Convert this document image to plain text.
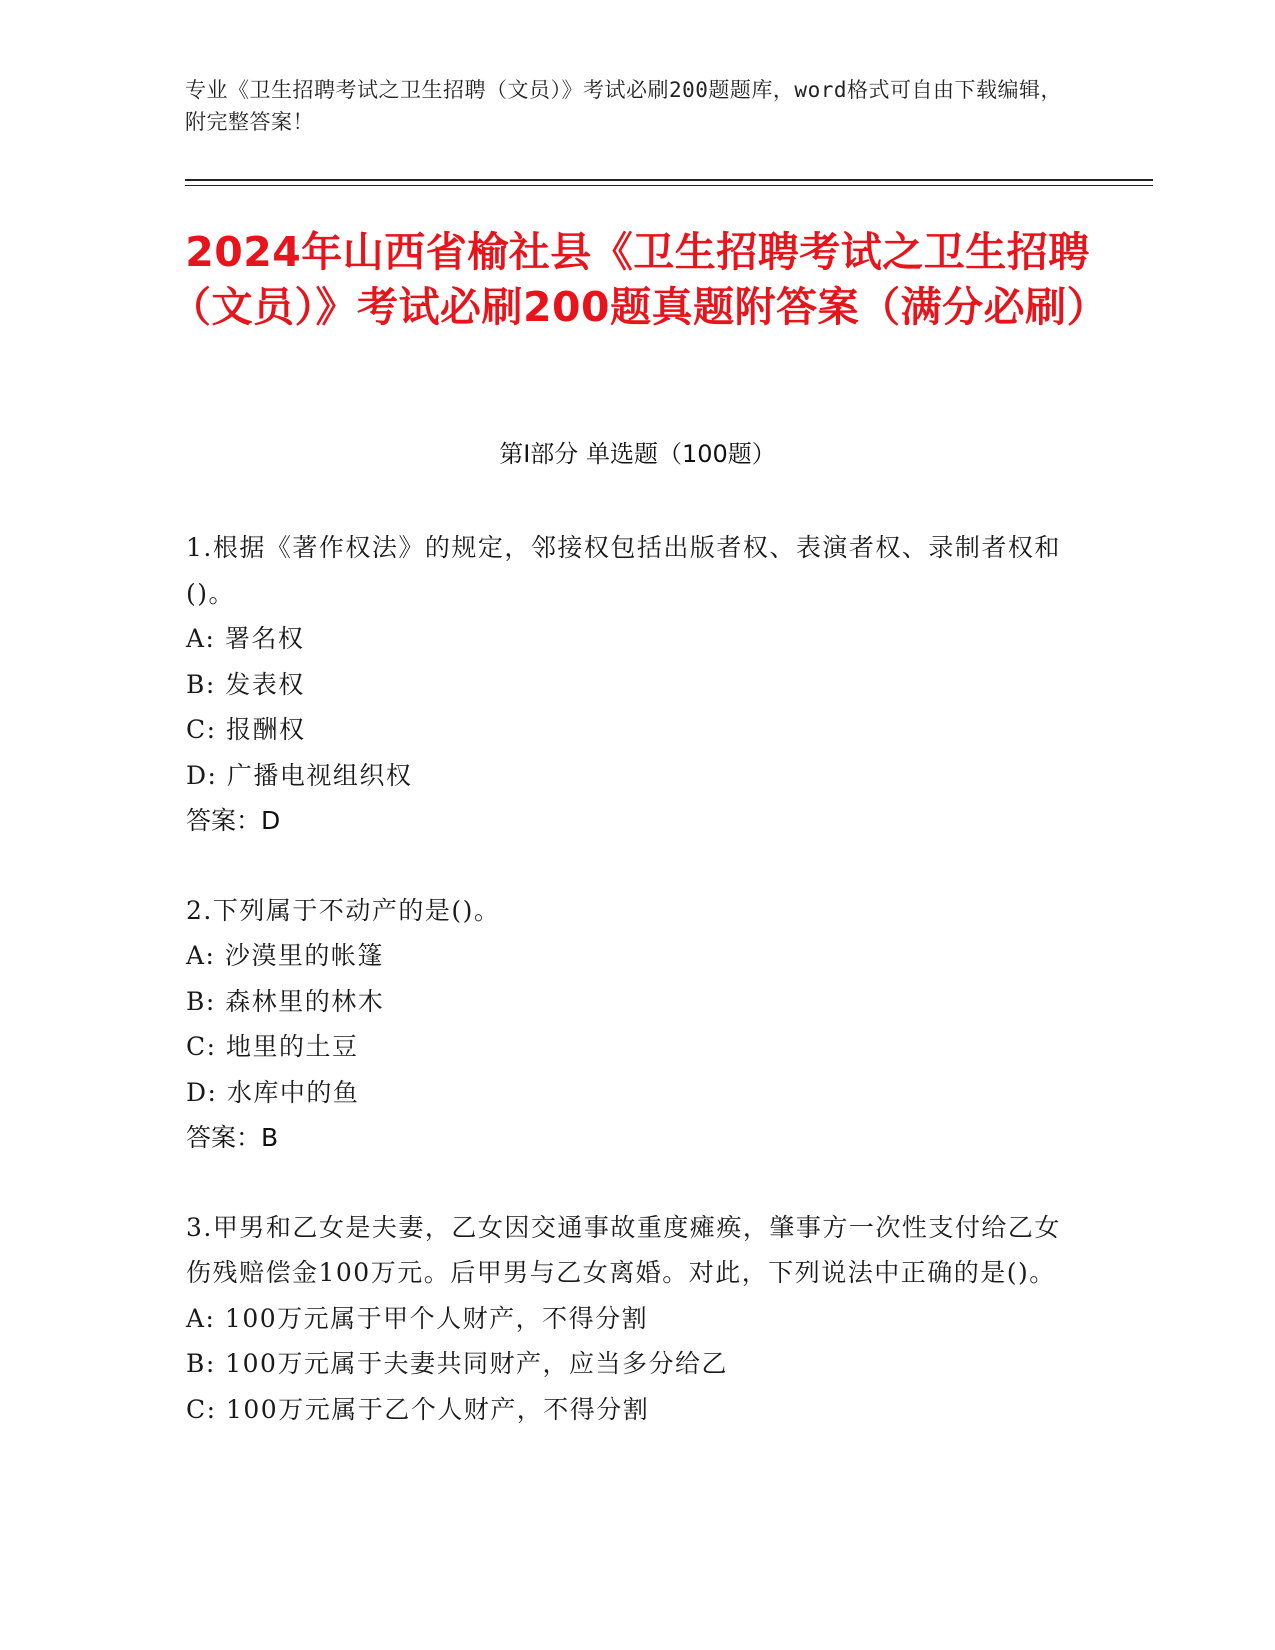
专业《卫生招聘考试之卫生招聘（文员）》考试必刷200题题库，word格式可自由下载编辑，附完整答案！
2024年山西省榆社县《卫生招聘考试之卫生招聘（文员）》考试必刷200题真题附答案（满分必刷）
第I部分 单选题（100题）
1.根据《著作权法》的规定，邻接权包括出版者权、表演者权、录制者权和()。
A: 署名权
B: 发表权
C: 报酬权
D: 广播电视组织权
答案：D
2.下列属于不动产的是()。
A: 沙漠里的帐篷
B: 森林里的林木
C: 地里的土豆
D: 水库中的鱼
答案：B
3.甲男和乙女是夫妻，乙女因交通事故重度瘫痪，肇事方一次性支付给乙女伤残赔偿金100万元。后甲男与乙女离婚。对此，下列说法中正确的是()。
A: 100万元属于甲个人财产，不得分割
B: 100万元属于夫妻共同财产，应当多分给乙
C: 100万元属于乙个人财产，不得分割
